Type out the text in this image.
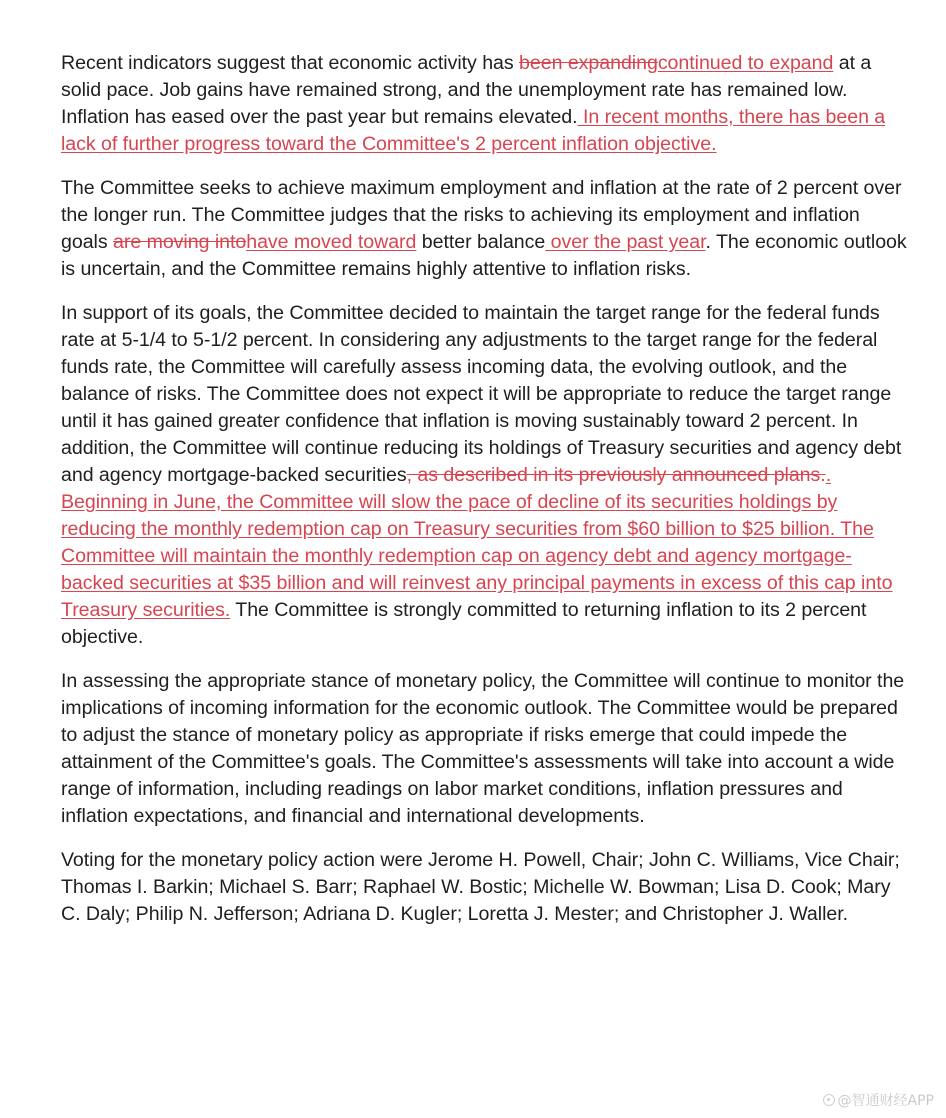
Recent indicators suggest that economic activity has been expandingcontinued to expand at a solid pace. Job gains have remained strong, and the unemployment rate has remained low. Inflation has eased over the past year but remains elevated. In recent months, there has been a lack of further progress toward the Committee's 2 percent inflation objective.

The Committee seeks to achieve maximum employment and inflation at the rate of 2 percent over the longer run. The Committee judges that the risks to achieving its employment and inflation goals are moving intohave moved toward better balance over the past year. The economic outlook is uncertain, and the Committee remains highly attentive to inflation risks.

In support of its goals, the Committee decided to maintain the target range for the federal funds rate at 5-1/4 to 5-1/2 percent. In considering any adjustments to the target range for the federal funds rate, the Committee will carefully assess incoming data, the evolving outlook, and the balance of risks. The Committee does not expect it will be appropriate to reduce the target range until it has gained greater confidence that inflation is moving sustainably toward 2 percent. In addition, the Committee will continue reducing its holdings of Treasury securities and agency debt and agency mortgage-backed securities, as described in its previously announced plans.. Beginning in June, the Committee will slow the pace of decline of its securities holdings by reducing the monthly redemption cap on Treasury securities from $60 billion to $25 billion. The Committee will maintain the monthly redemption cap on agency debt and agency mortgage-backed securities at $35 billion and will reinvest any principal payments in excess of this cap into Treasury securities. The Committee is strongly committed to returning inflation to its 2 percent objective.

In assessing the appropriate stance of monetary policy, the Committee will continue to monitor the implications of incoming information for the economic outlook. The Committee would be prepared to adjust the stance of monetary policy as appropriate if risks emerge that could impede the attainment of the Committee's goals. The Committee's assessments will take into account a wide range of information, including readings on labor market conditions, inflation pressures and inflation expectations, and financial and international developments.

Voting for the monetary policy action were Jerome H. Powell, Chair; John C. Williams, Vice Chair; Thomas I. Barkin; Michael S. Barr; Raphael W. Bostic; Michelle W. Bowman; Lisa D. Cook; Mary C. Daly; Philip N. Jefferson; Adriana D. Kugler; Loretta J. Mester; and Christopher J. Waller.

@智通财经APP
